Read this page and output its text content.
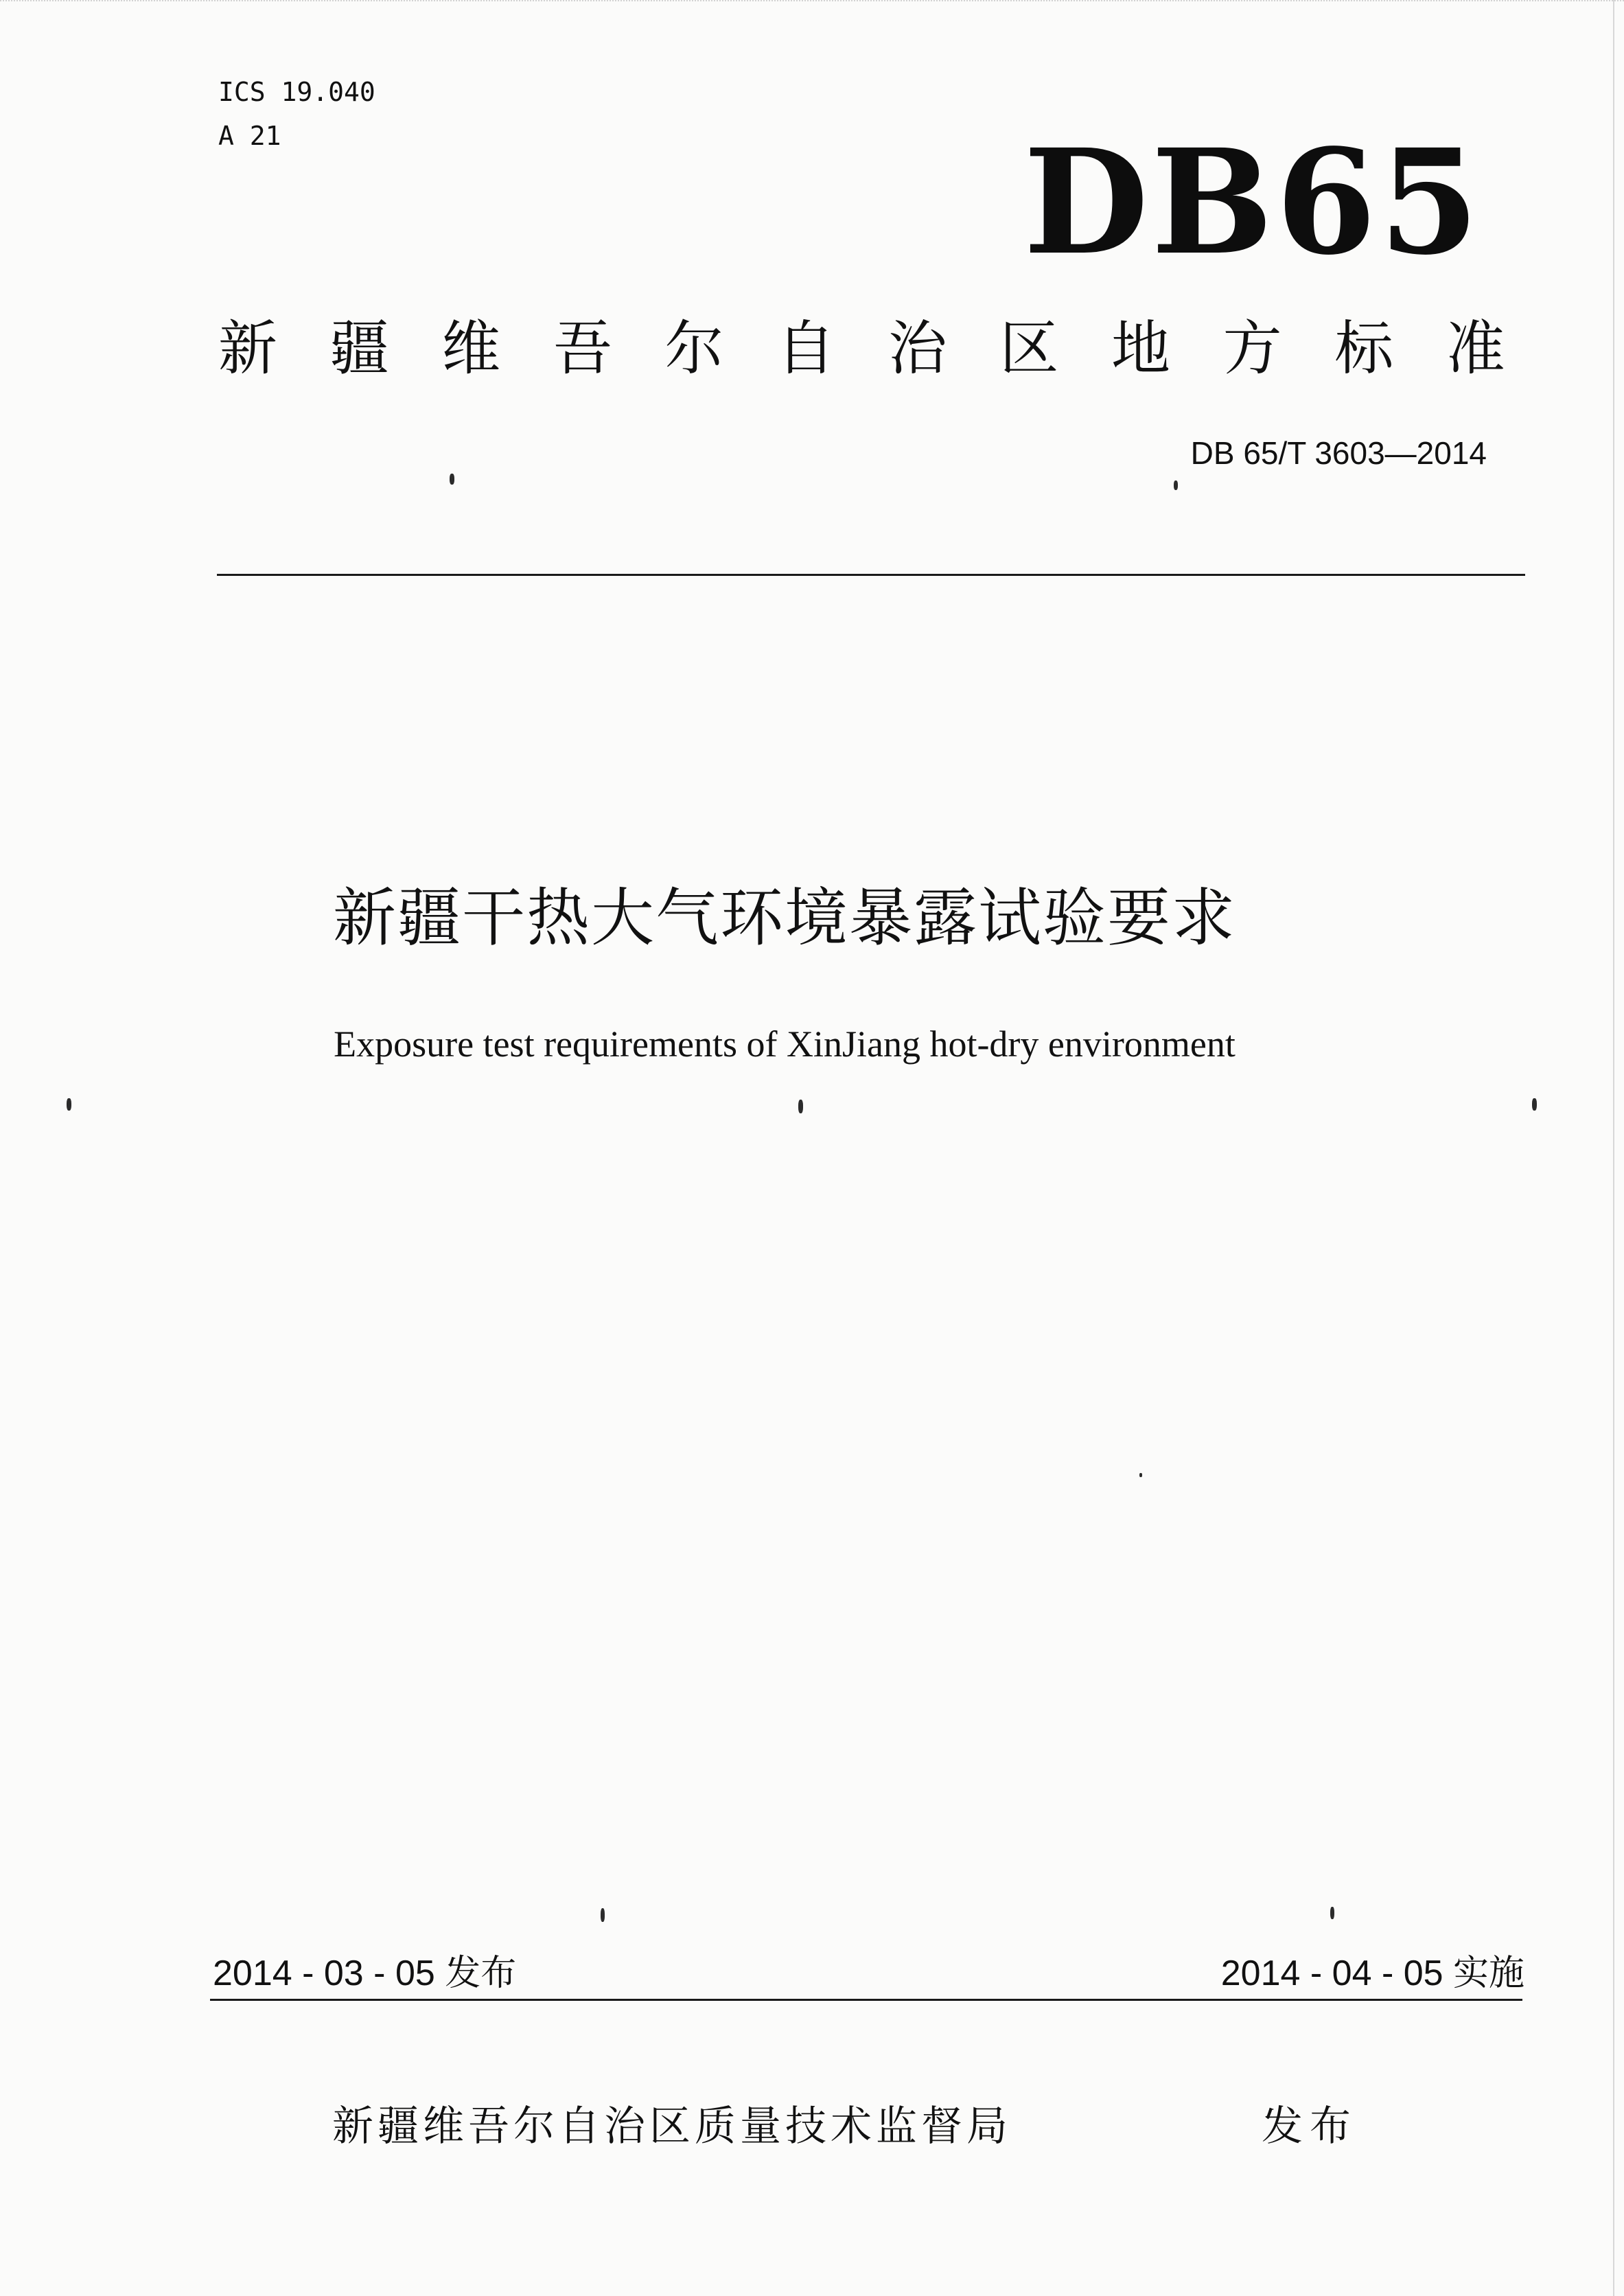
ICS 19.040
A 21	DB65
新 疆 维 吾 尔 自 治 区 地 方 标 准
DB 65/T 3603—2014
新疆干热大气环境暴露试验要求
Exposure test requirements of XinJiang hot-dry environment
2014 - 03 - 05 发布	2014 - 04 - 05 实施
新疆维吾尔自治区质量技术监督局	发布
